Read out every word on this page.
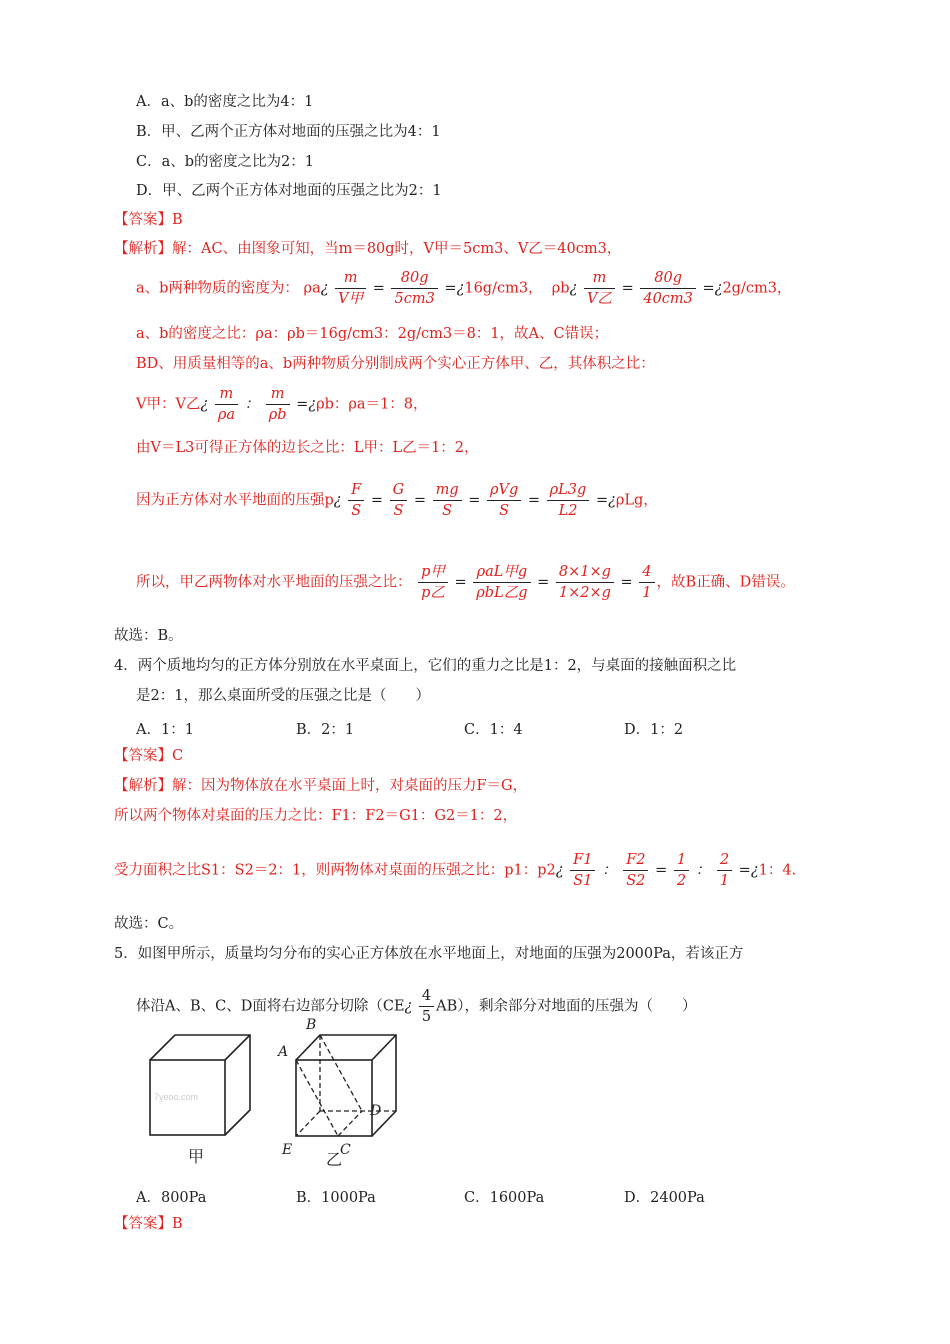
A．a、b的密度之比为4：1
B．甲、乙两个正方体对地面的压强之比为4：1
C．a、b的密度之比为2：1
D．甲、乙两个正方体对地面的压强之比为2：1
【答案】B
【解析】解：AC、由图象可知，当m＝80g时，V甲＝5cm3、V乙＝40cm3，
a、b两种物质的密度为： ρa¿ $\frac{m}{\text{V甲}} = \frac{80g}{5cm3}$ =¿16g/cm3， ρb¿ $\frac{m}{\text{V乙}} = \frac{80g}{40cm3}$ =¿2g/cm3，
a、b的密度之比：ρa：ρb＝16g/cm3：2g/cm3＝8：1，故A、C错误；
BD、用质量相等的a、b两种物质分别制成两个实心正方体甲、乙，其体积之比：
V甲：V乙¿ $\frac{m}{\rho a}$ ： $\frac{m}{\rho b}$ =¿ρb：ρa＝1：8，
由V＝L3可得正方体的边长之比：L甲：L乙＝1：2，
因为正方体对水平地面的压强p¿ $\frac{F}{S} = \frac{G}{S} = \frac{mg}{S} = \frac{\text{ρVg}}{S} = \frac{\rho L3g}{L2}$ =¿ρLg，
所以，甲乙两物体对水平地面的压强之比： $\frac{\text{p甲}}{\text{p乙}} = \frac{\text{ρaL甲g}}{\text{ρbL乙g}} = \frac{8\times 1\times g}{1\times 2\times g} = \frac{4}{1}$ ，故B正确、D错误。
故选：B。
4．两个质地均匀的正方体分别放在水平桌面上，它们的重力之比是1：2，与桌面的接触面积之比
是2：1，那么桌面所受的压强之比是（　　）
A．1：1	B．2：1	C．1：4	D．1：2
【答案】C
【解析】解：因为物体放在水平桌面上时，对桌面的压力F＝G，
所以两个物体对桌面的压力之比：F1：F2＝G1：G2＝1：2，
受力面积之比S1：S2＝2：1，则两物体对桌面的压强之比：p1：p2¿ $\frac{F1}{S1}$ ： $\frac{F2}{S2} = \frac{1}{2}$ ： $\frac{2}{1}$ =¿1：4.
故选：C。
5．如图甲所示，质量均匀分布的实心正方体放在水平地面上，对地面的压强为2000Pa，若该正方
体沿A、B、C、D面将右边部分切除（CE¿ $\frac{4}{5} AB$），剩余部分对地面的压强为（　　）
7yeoo.com
甲
A
B
C
D
E 乙
A．800Pa	B．1000Pa	C．1600Pa	D．2400Pa
【答案】B
